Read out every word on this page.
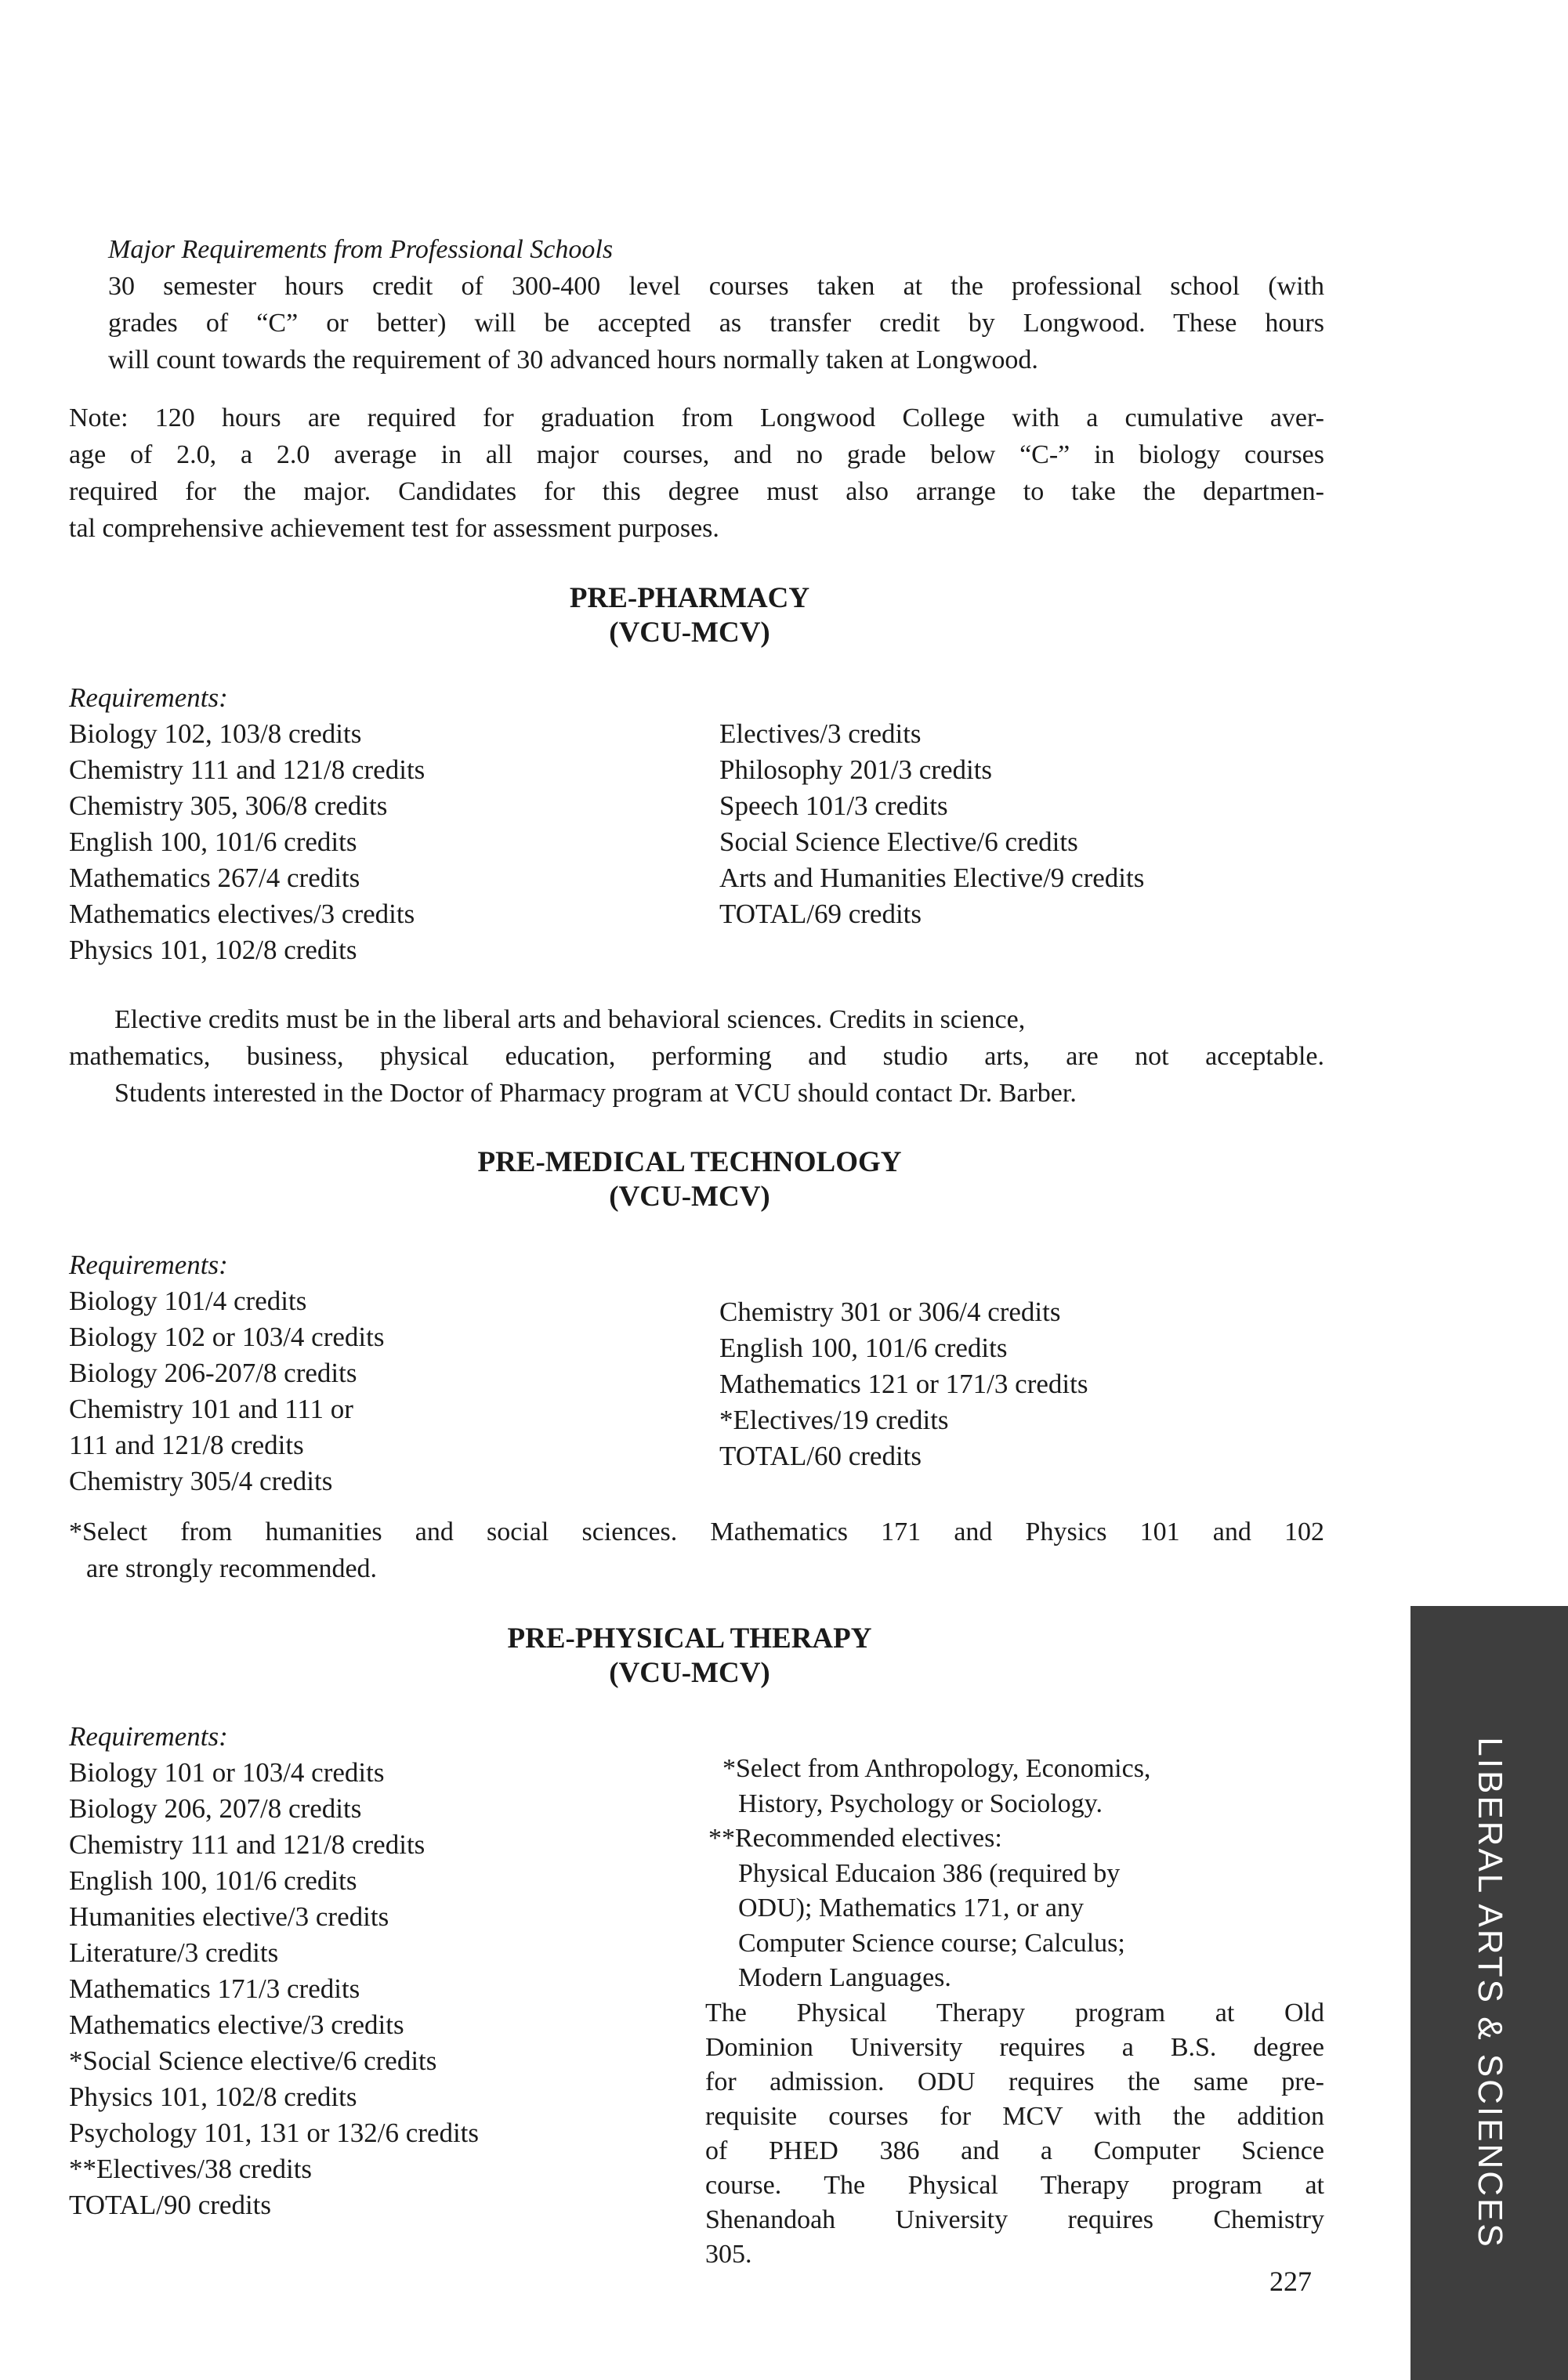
Major Requirements from Professional Schools
30 semester hours credit of 300-400 level courses taken at the professional school (with
grades of “C” or better) will be accepted as transfer credit by Longwood. These hours
will count towards the requirement of 30 advanced hours normally taken at Longwood.
Note: 120 hours are required for graduation from Longwood College with a cumulative aver-
age of 2.0, a 2.0 average in all major courses, and no grade below “C-” in biology courses
required for the major. Candidates for this degree must also arrange to take the departmen-
tal comprehensive achievement test for assessment purposes.
PRE-PHARMACY
(VCU-MCV)
Requirements:
Biology 102, 103/8 credits
Chemistry 111 and 121/8 credits
Chemistry 305, 306/8 credits
English 100, 101/6 credits
Mathematics 267/4 credits
Mathematics electives/3 credits
Physics 101, 102/8 credits
Electives/3 credits
Philosophy 201/3 credits
Speech 101/3 credits
Social Science Elective/6 credits
Arts and Humanities Elective/9 credits
TOTAL/69 credits
Elective credits must be in the liberal arts and behavioral sciences. Credits in science,
mathematics, business, physical education, performing and studio arts, are not acceptable.
Students interested in the Doctor of Pharmacy program at VCU should contact Dr. Barber.
PRE-MEDICAL TECHNOLOGY
(VCU-MCV)
Requirements:
Biology 101/4 credits
Biology 102 or 103/4 credits
Biology 206-207/8 credits
Chemistry 101 and 111 or
111 and 121/8 credits
Chemistry 305/4 credits
Chemistry 301 or 306/4 credits
English 100, 101/6 credits
Mathematics 121 or 171/3 credits
*Electives/19 credits
TOTAL/60 credits
*Select from humanities and social sciences. Mathematics 171 and Physics 101 and 102
are strongly recommended.
PRE-PHYSICAL THERAPY
(VCU-MCV)
Requirements:
Biology 101 or 103/4 credits
Biology 206, 207/8 credits
Chemistry 111 and 121/8 credits
English 100, 101/6 credits
Humanities elective/3 credits
Literature/3 credits
Mathematics 171/3 credits
Mathematics elective/3 credits
*Social Science elective/6 credits
Physics 101, 102/8 credits
Psychology 101, 131 or 132/6 credits
**Electives/38 credits
TOTAL/90 credits
*Select from Anthropology, Economics,
History, Psychology or Sociology.
**Recommended electives:
Physical Educaion 386 (required by
ODU); Mathematics 171, or any
Computer Science course; Calculus;
Modern Languages.
The Physical Therapy program at Old
Dominion University requires a B.S. degree
for admission. ODU requires the same pre-
requisite courses for MCV with the addition
of PHED 386 and a Computer Science
course. The Physical Therapy program at
Shenandoah University requires Chemistry
305.
227
LIBERAL ARTS & SCIENCES
